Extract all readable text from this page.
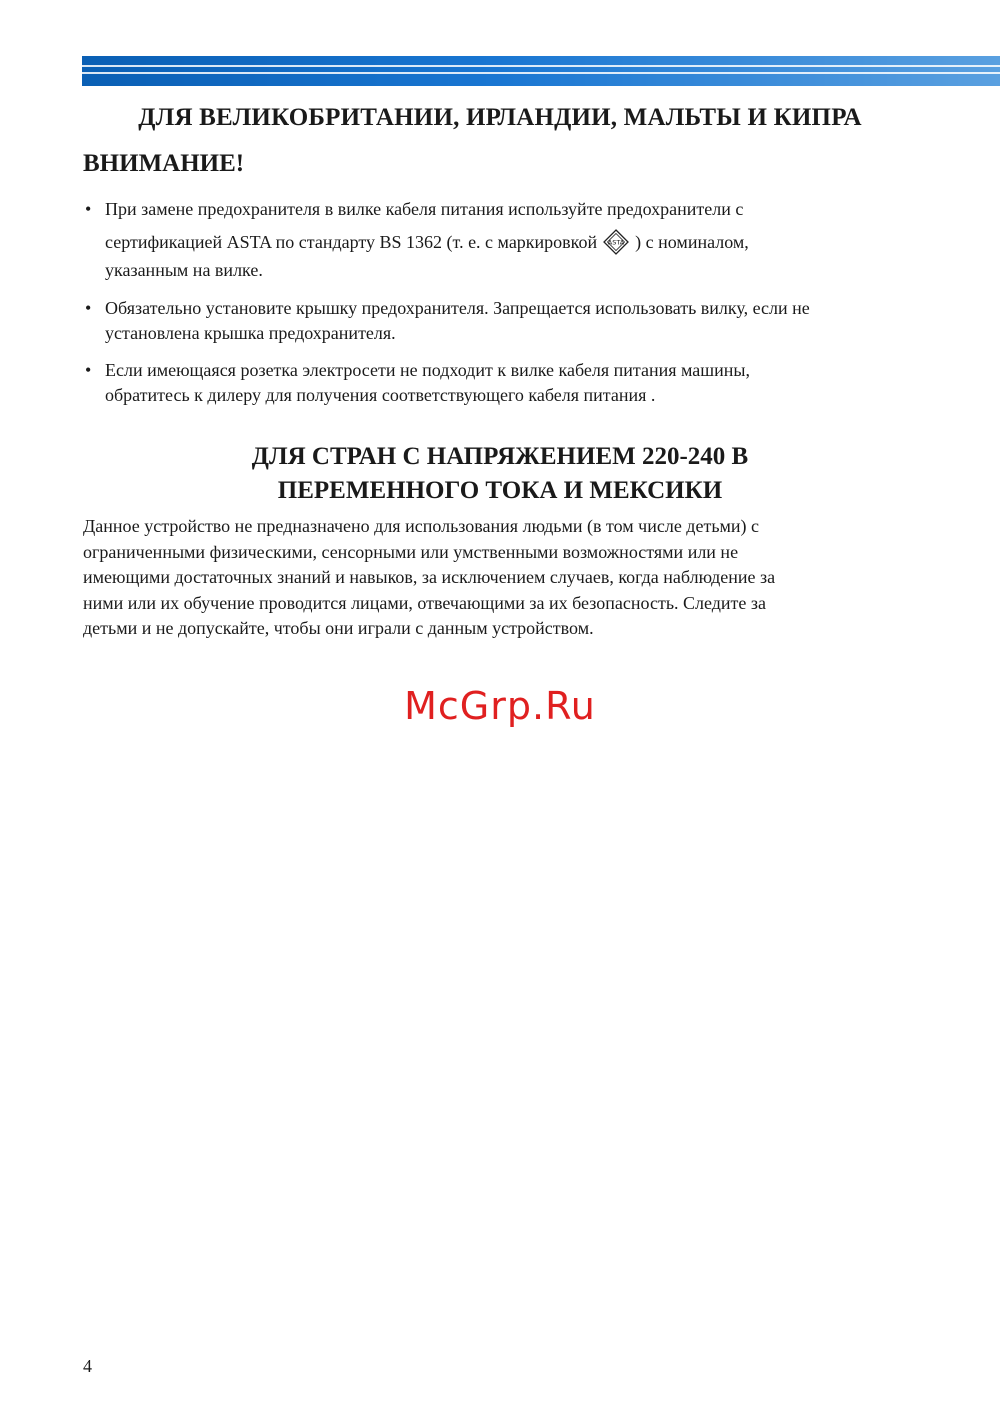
ДЛЯ ВЕЛИКОБРИТАНИИ, ИРЛАНДИИ, МАЛЬТЫ И КИПРА
ВНИМАНИЕ!
• При замене предохранителя в вилке кабеля питания используйте предохранители с
сертификацией ASTA по стандарту BS 1362 (т. е. с маркировкой ASTA ) с номиналом,
указанным на вилке.
• Обязательно установите крышку предохранителя. Запрещается использовать вилку, если не
установлена крышка предохранителя.
• Если имеющаяся розетка электросети не подходит к вилке кабеля питания машины,
обратитесь к дилеру для получения соответствующего кабеля питания .
ДЛЯ СТРАН С НАПРЯЖЕНИЕМ 220-240 В
ПЕРЕМЕННОГО ТОКА И МЕКСИКИ
Данное устройство не предназначено для использования людьми (в том числе детьми) с
ограниченными физическими, сенсорными или умственными возможностями или не
имеющими достаточных знаний и навыков, за исключением случаев, когда наблюдение за
ними или их обучение проводится лицами, отвечающими за их безопасность. Следите за
детьми и не допускайте, чтобы они играли с данным устройством.
McGrp.Ru
4
